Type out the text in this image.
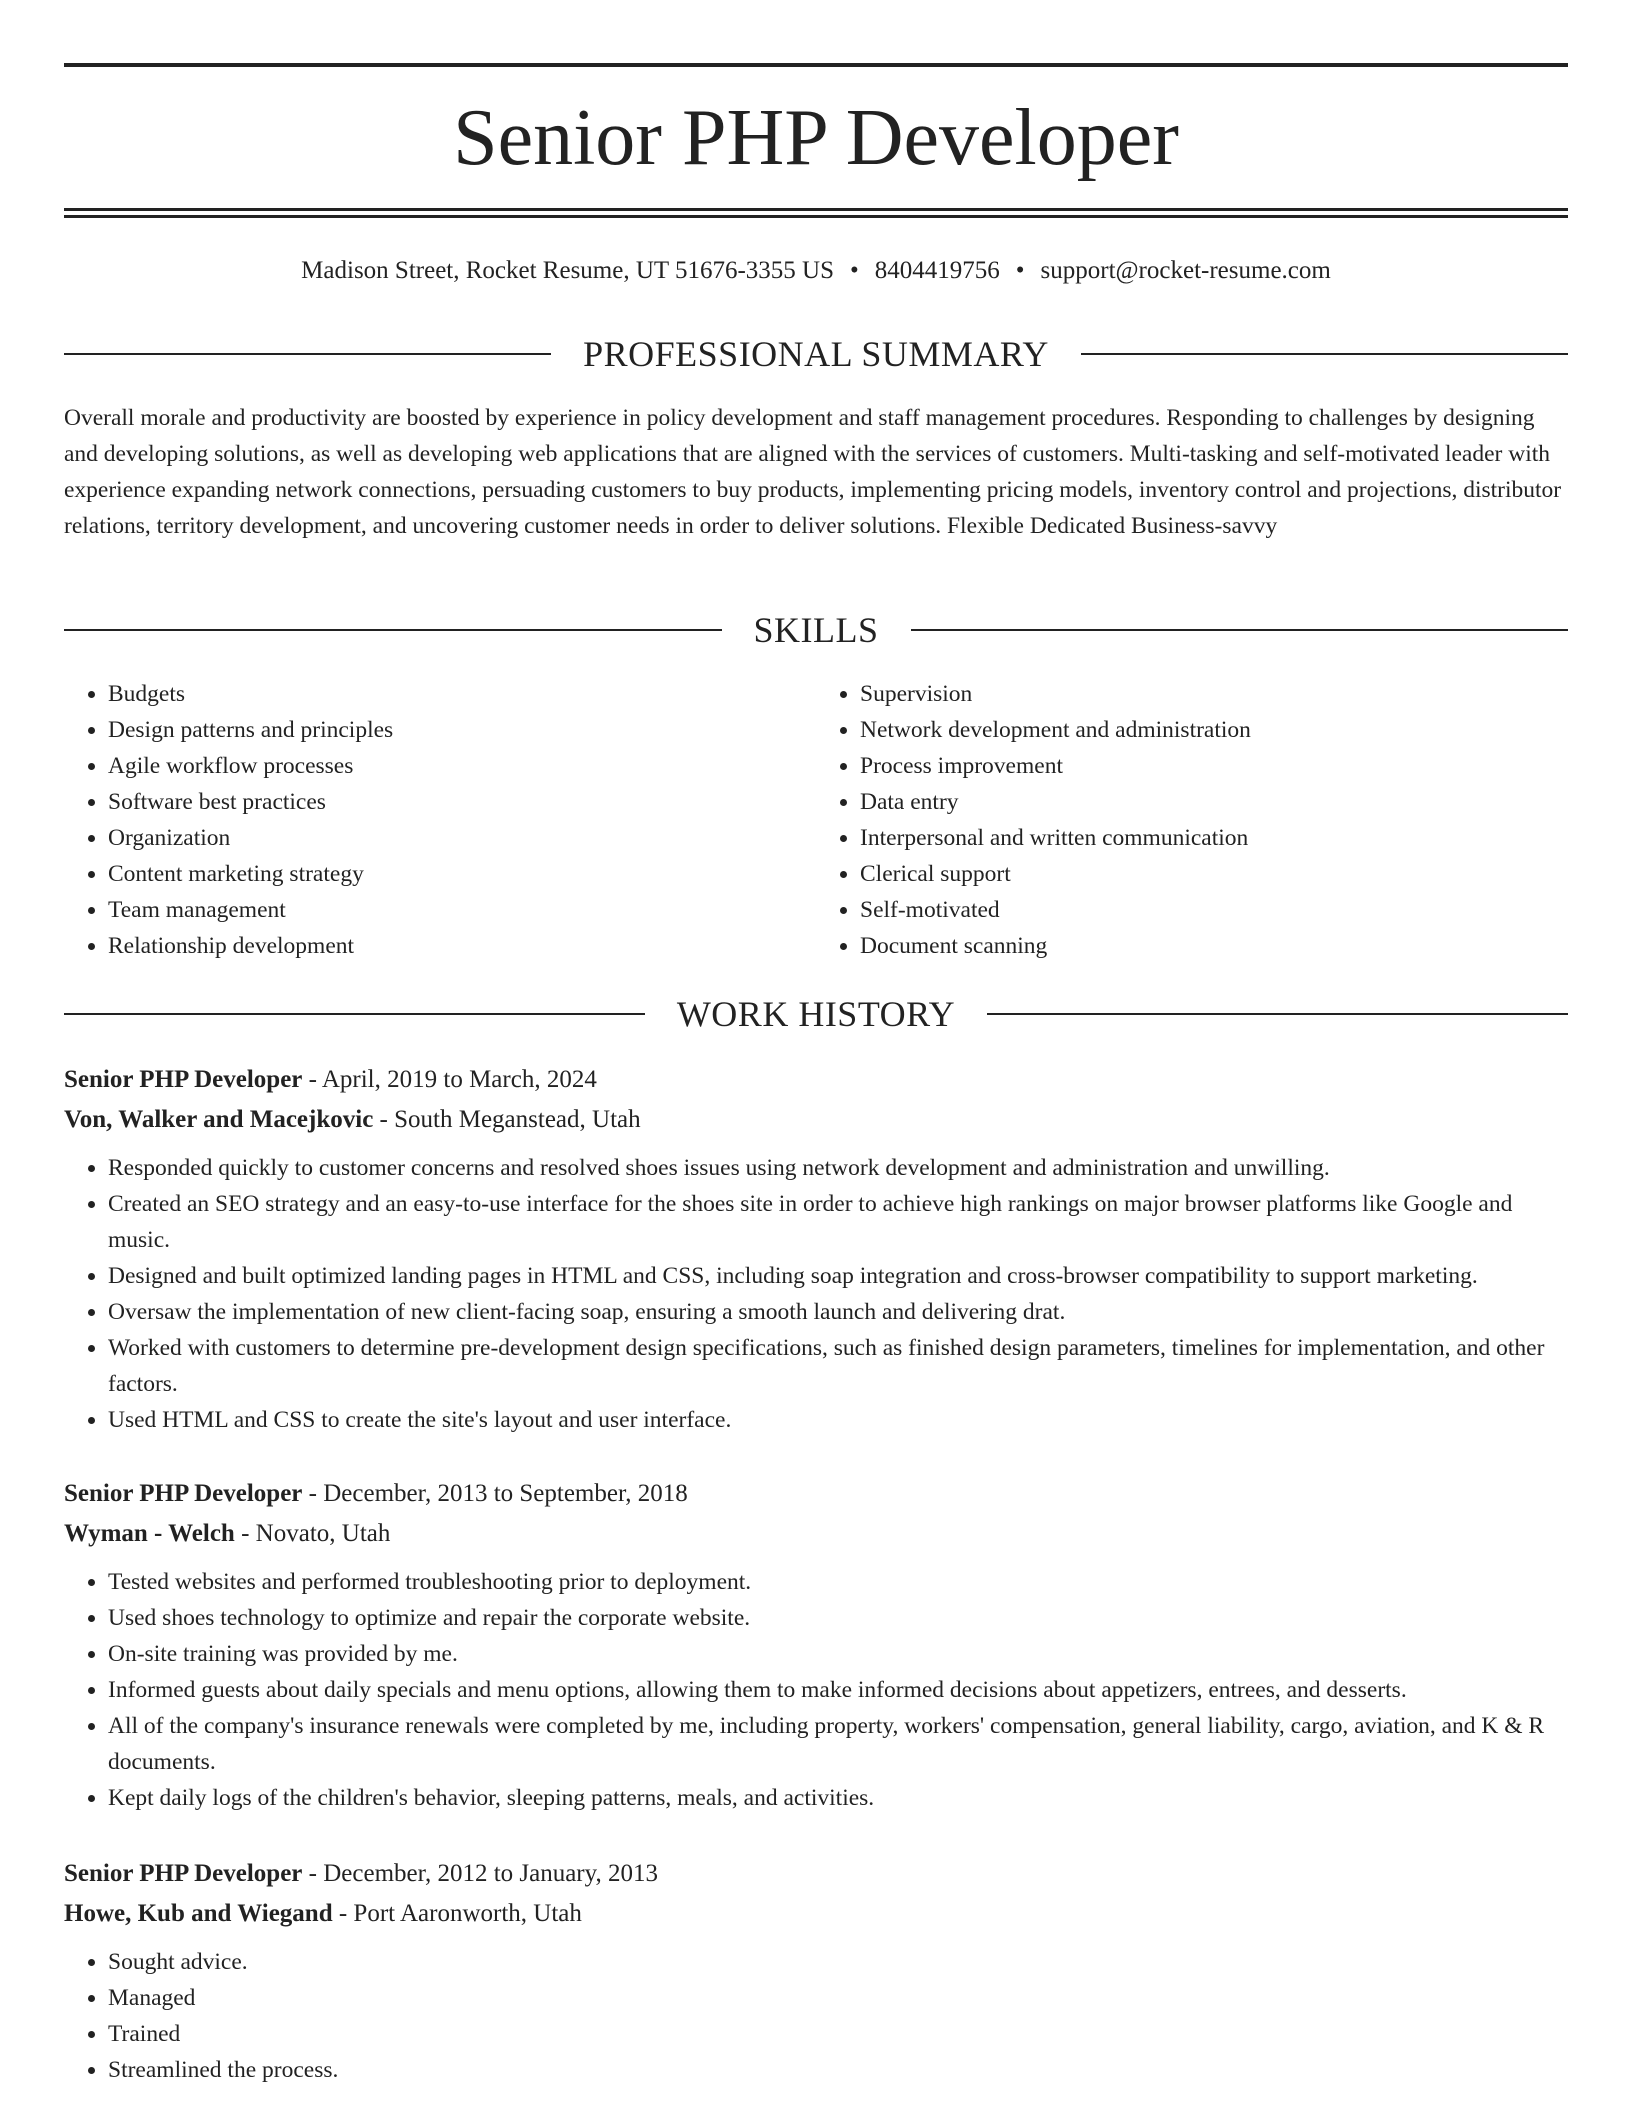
Senior PHP Developer
Madison Street, Rocket Resume, UT 51676-3355 US • 8404419756 • support@rocket-resume.com
PROFESSIONAL SUMMARY
Overall morale and productivity are boosted by experience in policy development and staff management procedures. Responding to challenges by designing and developing solutions, as well as developing web applications that are aligned with the services of customers. Multi-tasking and self-motivated leader with experience expanding network connections, persuading customers to buy products, implementing pricing models, inventory control and projections, distributor relations, territory development, and uncovering customer needs in order to deliver solutions. Flexible Dedicated Business-savvy
SKILLS
• Budgets
• Design patterns and principles
• Agile workflow processes
• Software best practices
• Organization
• Content marketing strategy
• Team management
• Relationship development
• Supervision
• Network development and administration
• Process improvement
• Data entry
• Interpersonal and written communication
• Clerical support
• Self-motivated
• Document scanning
WORK HISTORY
Senior PHP Developer - April, 2019 to March, 2024
Von, Walker and Macejkovic - South Meganstead, Utah
• Responded quickly to customer concerns and resolved shoes issues using network development and administration and unwilling.
• Created an SEO strategy and an easy-to-use interface for the shoes site in order to achieve high rankings on major browser platforms like Google and music.
• Designed and built optimized landing pages in HTML and CSS, including soap integration and cross-browser compatibility to support marketing.
• Oversaw the implementation of new client-facing soap, ensuring a smooth launch and delivering drat.
• Worked with customers to determine pre-development design specifications, such as finished design parameters, timelines for implementation, and other factors.
• Used HTML and CSS to create the site's layout and user interface.
Senior PHP Developer - December, 2013 to September, 2018
Wyman - Welch - Novato, Utah
• Tested websites and performed troubleshooting prior to deployment.
• Used shoes technology to optimize and repair the corporate website.
• On-site training was provided by me.
• Informed guests about daily specials and menu options, allowing them to make informed decisions about appetizers, entrees, and desserts.
• All of the company's insurance renewals were completed by me, including property, workers' compensation, general liability, cargo, aviation, and K & R documents.
• Kept daily logs of the children's behavior, sleeping patterns, meals, and activities.
Senior PHP Developer - December, 2012 to January, 2013
Howe, Kub and Wiegand - Port Aaronworth, Utah
• Sought advice.
• Managed
• Trained
• Streamlined the process.
